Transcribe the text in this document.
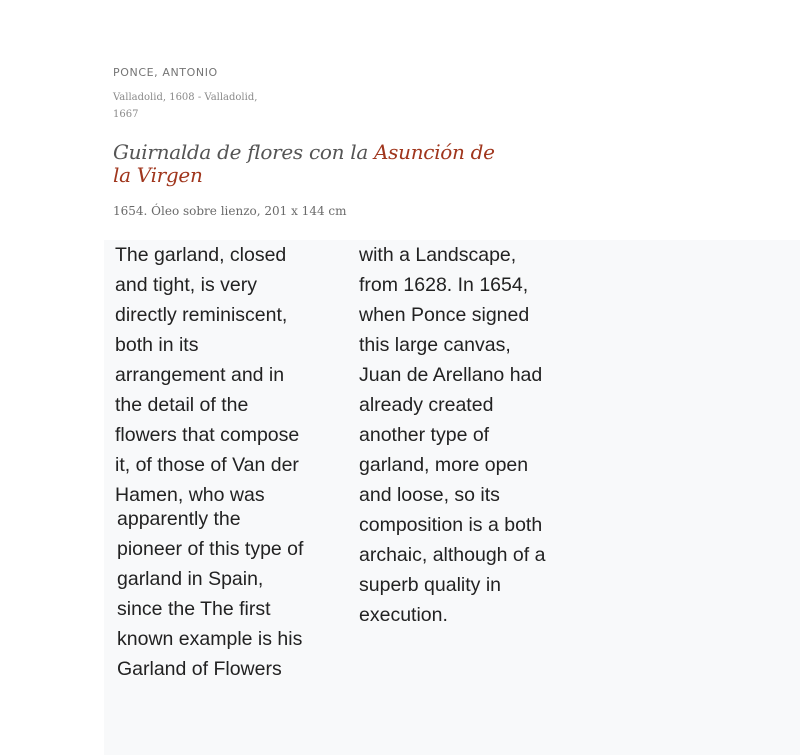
PONCE, ANTONIO
Valladolid, 1608 - Valladolid, 1667
Guirnalda de flores con la Asunción de la Virgen
1654. Óleo sobre lienzo, 201 x 144 cm
The garland, closed
and tight, is very
directly reminiscent,
both in its
arrangement and in
the detail of the
flowers that compose
it, of those of Van der
Hamen, who was
apparently the
pioneer of this type of
garland in Spain,
since the The first
known example is his
Garland of Flowers
with a Landscape,
from 1628. In 1654,
when Ponce signed
this large canvas,
Juan de Arellano had
already created
another type of
garland, more open
and loose, so its
composition is a both
archaic, although of a
superb quality in
execution.
